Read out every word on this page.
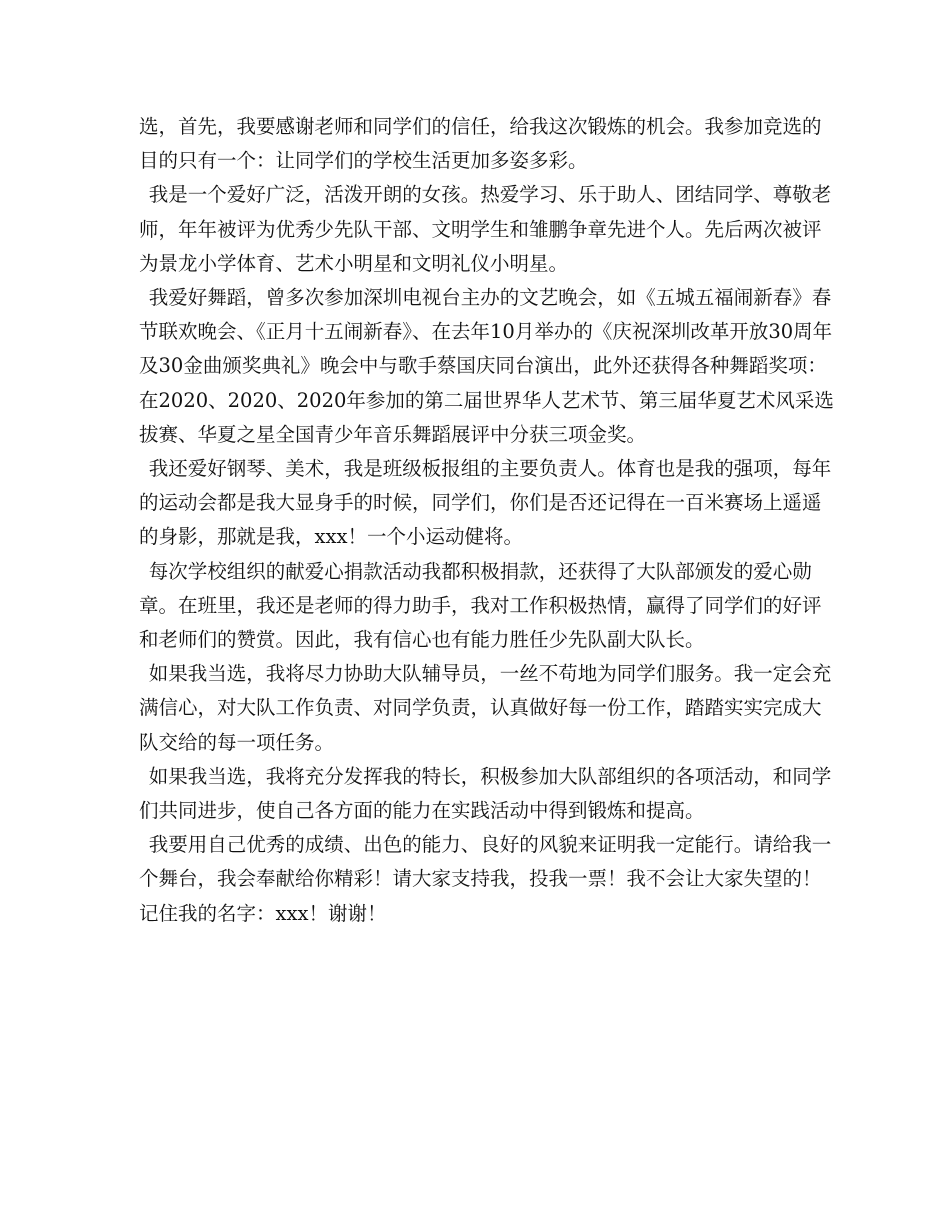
选，首先，我要感谢老师和同学们的信任，给我这次锻炼的机会。我参加竞选的目的只有一个：让同学们的学校生活更加多姿多彩。

我是一个爱好广泛，活泼开朗的女孩。热爱学习、乐于助人、团结同学、尊敬老师，年年被评为优秀少先队干部、文明学生和雏鹏争章先进个人。先后两次被评为景龙小学体育、艺术小明星和文明礼仪小明星。

我爱好舞蹈，曾多次参加深圳电视台主办的文艺晚会，如《五城五福闹新春》春节联欢晚会、《正月十五闹新春》、在去年10月举办的《庆祝深圳改革开放30周年及30金曲颁奖典礼》晚会中与歌手蔡国庆同台演出，此外还获得各种舞蹈奖项：在2020、2020、2020年参加的第二届世界华人艺术节、第三届华夏艺术风采选拔赛、华夏之星全国青少年音乐舞蹈展评中分获三项金奖。

我还爱好钢琴、美术，我是班级板报组的主要负责人。体育也是我的强项，每年的运动会都是我大显身手的时候，同学们，你们是否还记得在一百米赛场上遥遥的身影，那就是我，xxx！一个小运动健将。

每次学校组织的献爱心捐款活动我都积极捐款，还获得了大队部颁发的爱心勋章。在班里，我还是老师的得力助手，我对工作积极热情，赢得了同学们的好评和老师们的赞赏。因此，我有信心也有能力胜任少先队副大队长。

如果我当选，我将尽力协助大队辅导员，一丝不苟地为同学们服务。我一定会充满信心，对大队工作负责、对同学负责，认真做好每一份工作，踏踏实实完成大队交给的每一项任务。

如果我当选，我将充分发挥我的特长，积极参加大队部组织的各项活动，和同学们共同进步，使自己各方面的能力在实践活动中得到锻炼和提高。

我要用自己优秀的成绩、出色的能力、良好的风貌来证明我一定能行。请给我一个舞台，我会奉献给你精彩！请大家支持我，投我一票！我不会让大家失望的！记住我的名字：xxx！谢谢！
